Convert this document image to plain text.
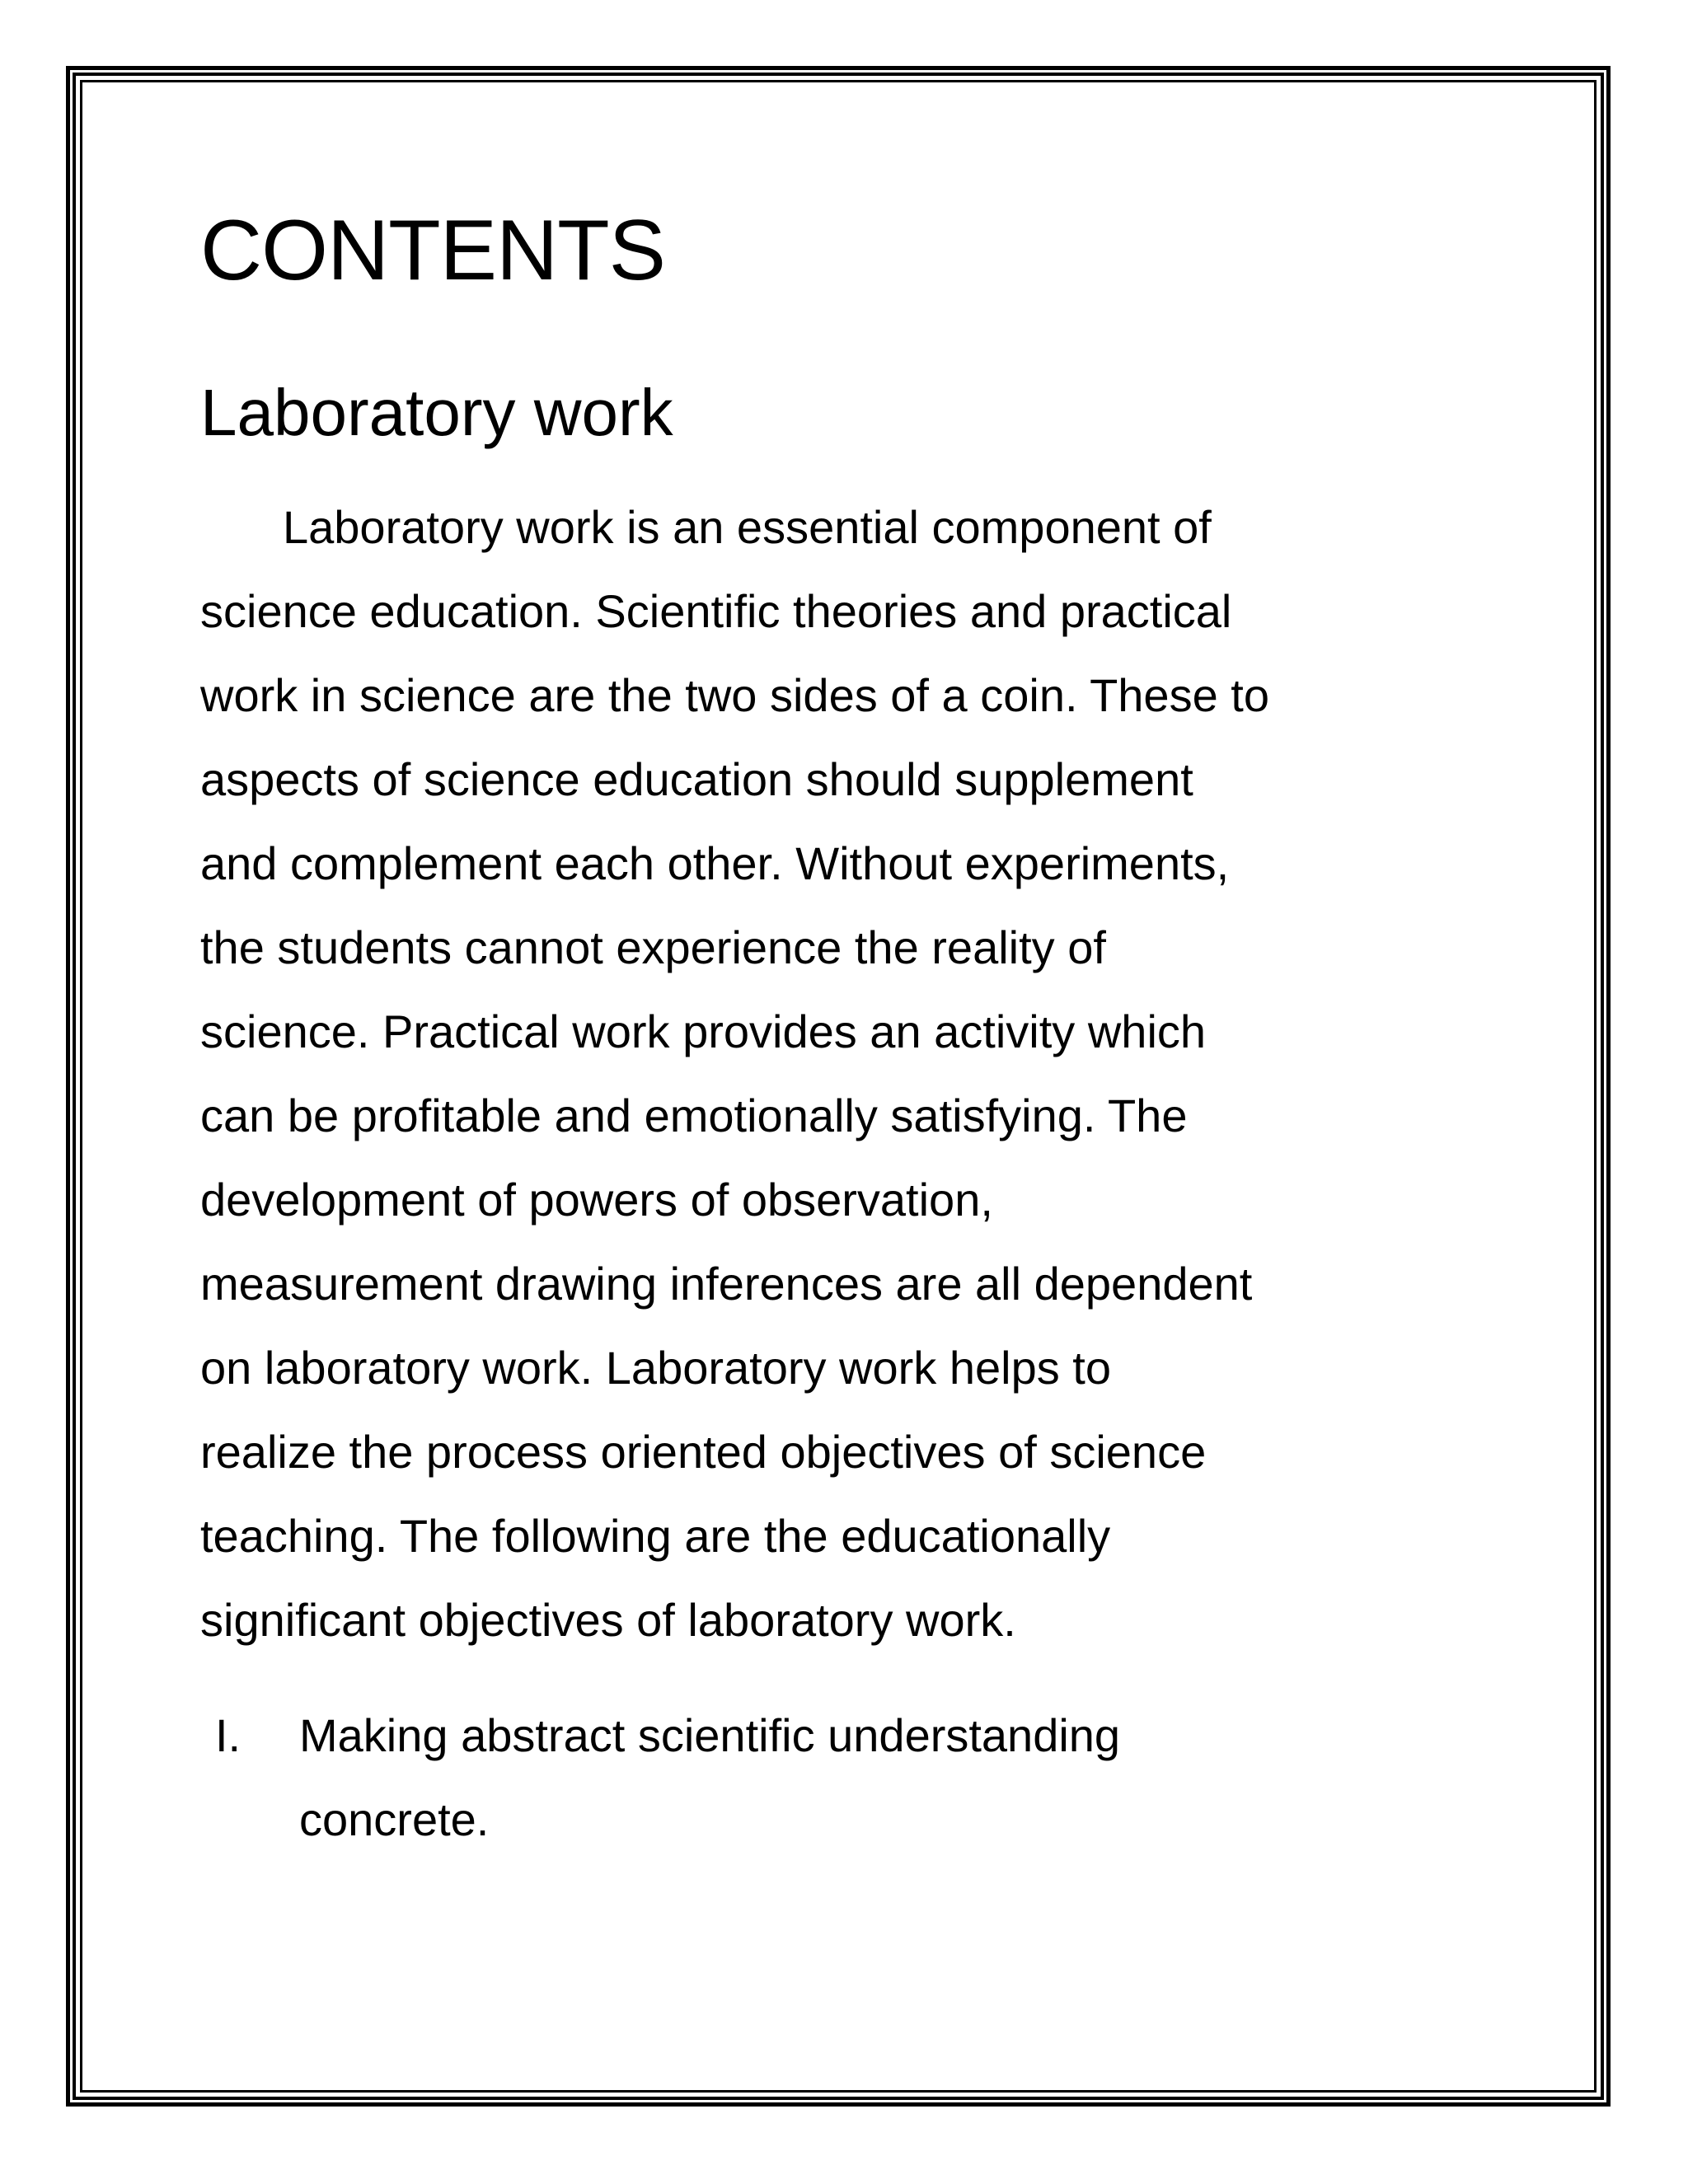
CONTENTS
Laboratory work

Laboratory work is an essential component of
science education. Scientific theories and practical
work in science are the two sides of a coin. These to
aspects of science education should supplement
and complement each other. Without experiments,
the students cannot experience the reality of
science. Practical work provides an activity which
can be profitable and emotionally satisfying. The
development of powers of observation,
measurement drawing inferences are all dependent
on laboratory work. Laboratory work helps to
realize the process oriented objectives of science
teaching. The following are the educationally
significant objectives of laboratory work.

I. Making abstract scientific understanding
concrete.
